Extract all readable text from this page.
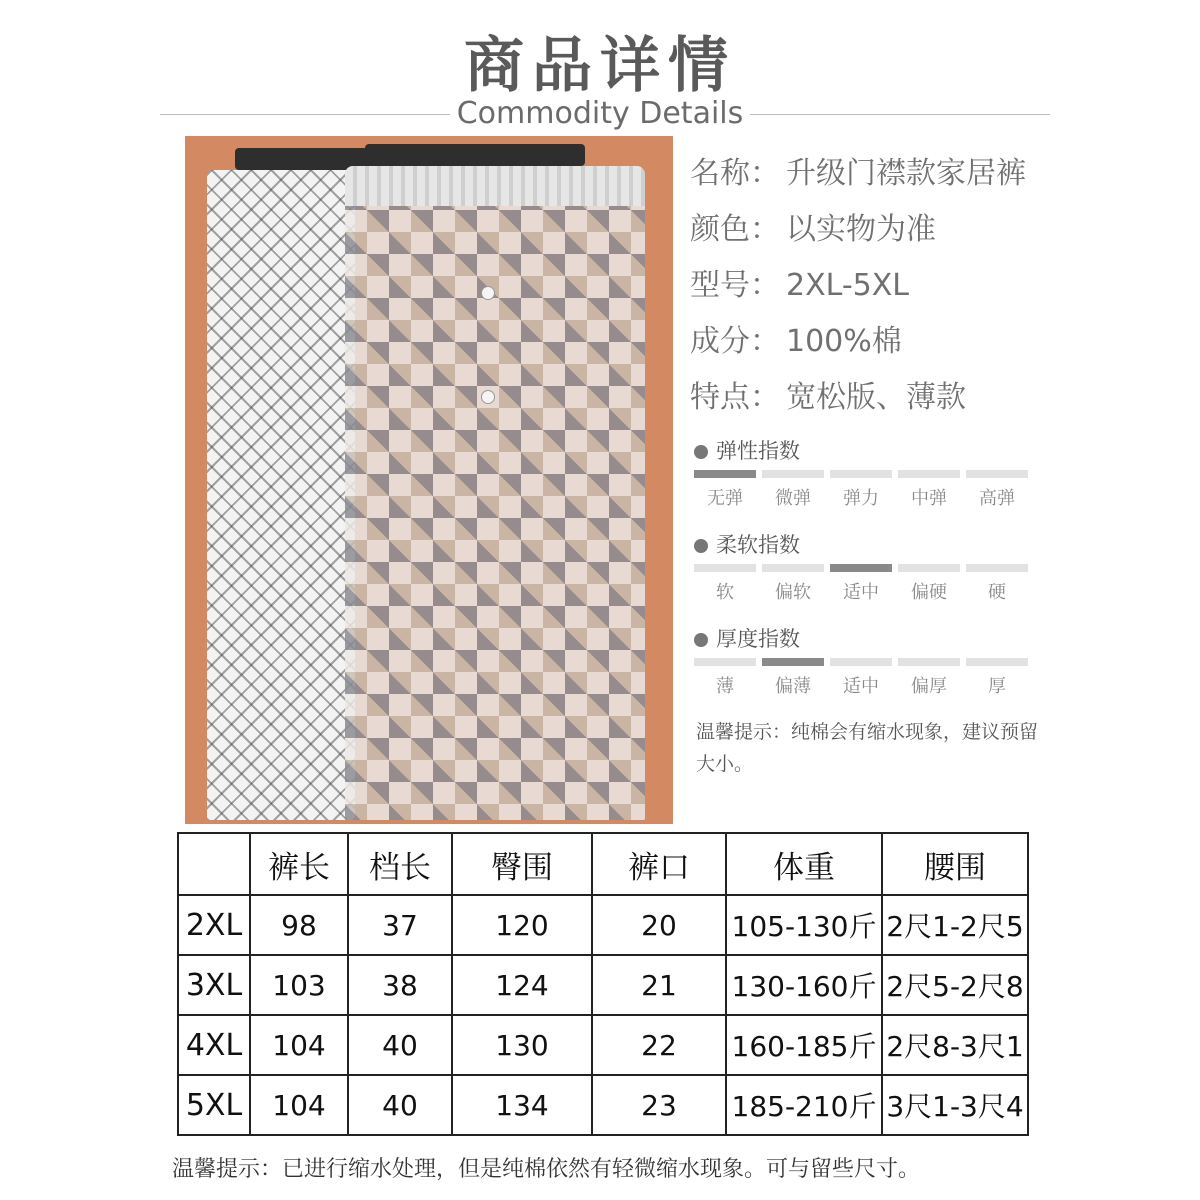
商品详情
Commodity Details
名称： 升级门襟款家居裤
颜色： 以实物为准
型号： 2XL-5XL
成分： 100%棉
特点： 宽松版、薄款
弹性指数
无弹	微弹	弹力	中弹	高弹
柔软指数
软	偏软	适中	偏硬	硬
厚度指数
薄	偏薄	适中	偏厚	厚
温馨提示：纯棉会有缩水现象，建议预留大小。
	裤长	档长	臀围	裤口	体重	腰围
2XL	98	37	120	20	105-130斤	2尺1-2尺5
3XL	103	38	124	21	130-160斤	2尺5-2尺8
4XL	104	40	130	22	160-185斤	2尺8-3尺1
5XL	104	40	134	23	185-210斤	3尺1-3尺4
温馨提示：已进行缩水处理，但是纯棉依然有轻微缩水现象。可与留些尺寸。
